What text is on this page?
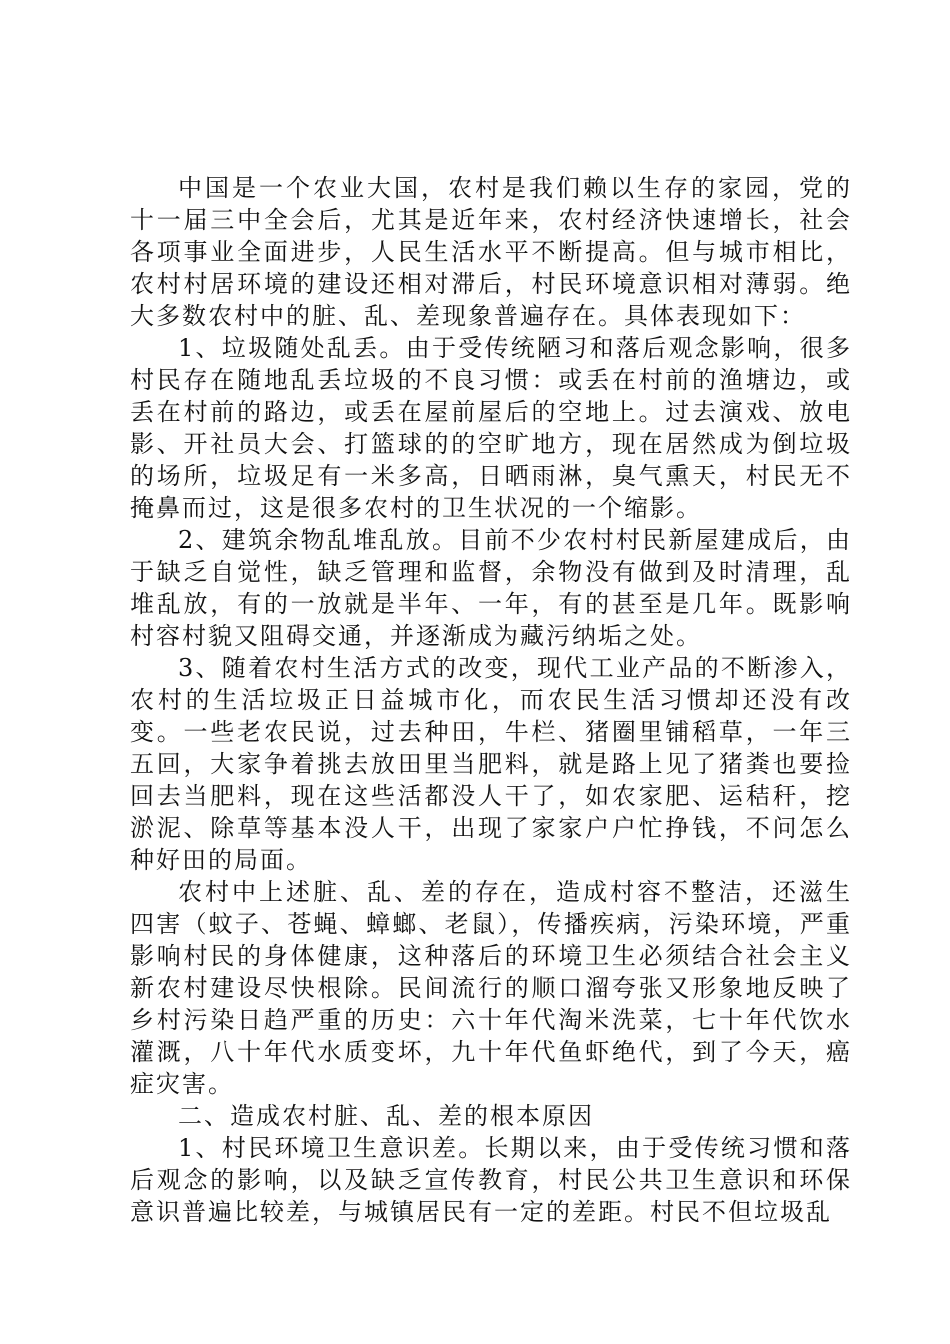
中国是一个农业大国，农村是我们赖以生存的家园，党的十一届三中全会后，尤其是近年来，农村经济快速增长，社会各项事业全面进步，人民生活水平不断提高。但与城市相比，农村村居环境的建设还相对滞后，村民环境意识相对薄弱。绝大多数农村中的脏、乱、差现象普遍存在。具体表现如下：

1、垃圾随处乱丢。由于受传统陋习和落后观念影响，很多村民存在随地乱丢垃圾的不良习惯：或丢在村前的渔塘边，或丢在村前的路边，或丢在屋前屋后的空地上。过去演戏、放电影、开社员大会、打篮球的的空旷地方，现在居然成为倒垃圾的场所，垃圾足有一米多高，日晒雨淋，臭气熏天，村民无不掩鼻而过，这是很多农村的卫生状况的一个缩影。

2、建筑余物乱堆乱放。目前不少农村村民新屋建成后，由于缺乏自觉性，缺乏管理和监督，余物没有做到及时清理，乱堆乱放，有的一放就是半年、一年，有的甚至是几年。既影响村容村貌又阻碍交通，并逐渐成为藏污纳垢之处。

3、随着农村生活方式的改变，现代工业产品的不断渗入，农村的生活垃圾正日益城市化，而农民生活习惯却还没有改变。一些老农民说，过去种田，牛栏、猪圈里铺稻草，一年三五回，大家争着挑去放田里当肥料，就是路上见了猪粪也要捡回去当肥料，现在这些活都没人干了，如农家肥、运秸秆，挖淤泥、除草等基本没人干，出现了家家户户忙挣钱，不问怎么种好田的局面。

农村中上述脏、乱、差的存在，造成村容不整洁，还滋生四害（蚊子、苍蝇、蟑螂、老鼠），传播疾病，污染环境，严重影响村民的身体健康，这种落后的环境卫生必须结合社会主义新农村建设尽快根除。民间流行的顺口溜夸张又形象地反映了乡村污染日趋严重的历史：六十年代淘米洗菜，七十年代饮水灌溉，八十年代水质变坏，九十年代鱼虾绝代，到了今天，癌症灾害。

二、造成农村脏、乱、差的根本原因

1、村民环境卫生意识差。长期以来，由于受传统习惯和落后观念的影响，以及缺乏宣传教育，村民公共卫生意识和环保意识普遍比较差，与城镇居民有一定的差距。村民不但垃圾乱
